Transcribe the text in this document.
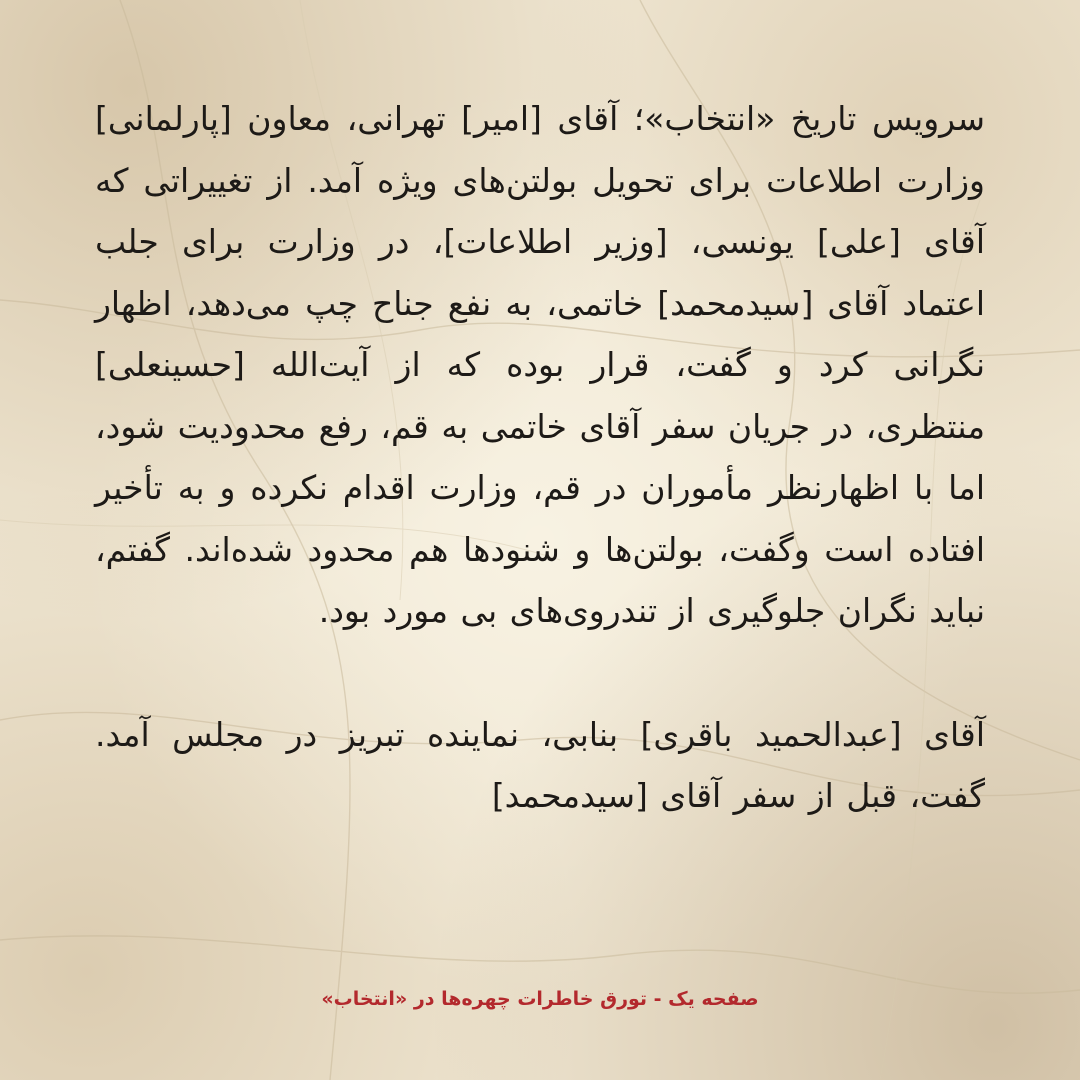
سرویس تاریخ «انتخاب»؛ آقای [امیر] تهرانی، معاون [پارلمانی] وزارت اطلاعات برای تحویل بولتن‌های ویژه آمد. از تغییراتی که آقای [علی] یونسی، [وزیر اطلاعات]، در وزارت برای جلب اعتماد آقای [سیدمحمد] خاتمی، به نفع جناح چپ می‌دهد، اظهار نگرانی کرد و گفت، قرار بوده که از آیت‌الله [حسینعلی] منتظری، در جریان سفر آقای خاتمی به قم، رفع محدودیت شود، اما با اظهارنظر مأموران در قم، وزارت اقدام نکرده و به تأخیر افتاده است وگفت، بولتن‌ها و شنودها هم محدود شده‌اند. گفتم، نباید نگران جلوگیری از تندروی‌های بی مورد بود.

آقای [عبدالحمید باقری] بنابی، نماینده تبریز در مجلس آمد. گفت، قبل از سفر آقای [سیدمحمد]

صفحه یک - تورق خاطرات چهره‌ها در «انتخاب»
